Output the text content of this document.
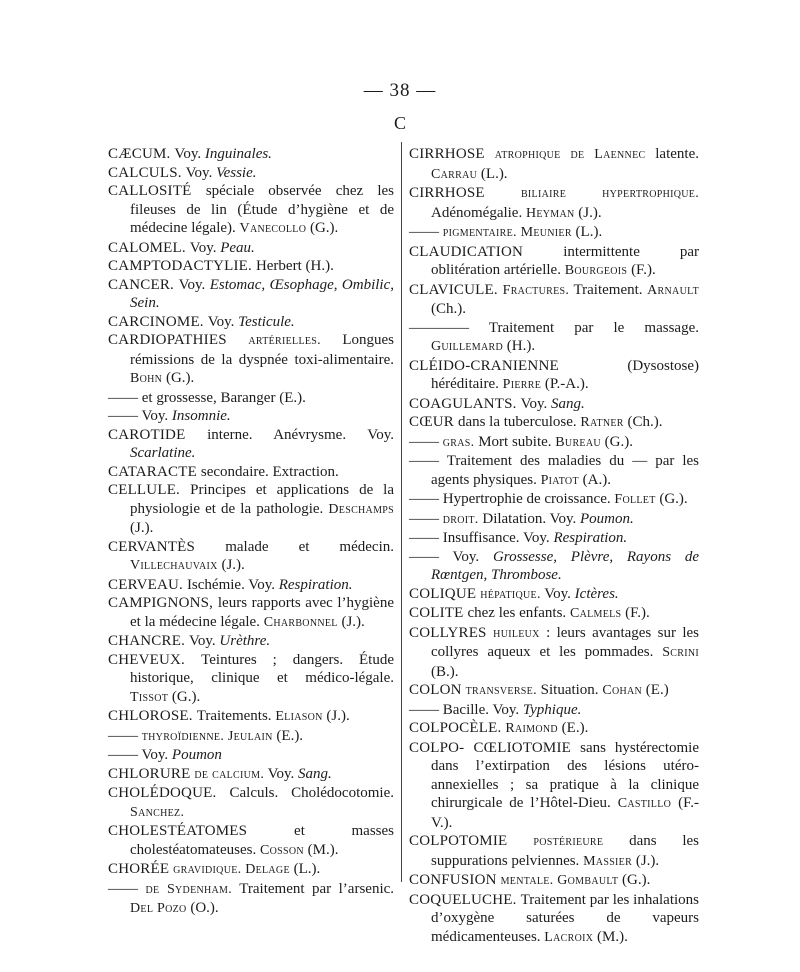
— 38 —
C
CÆCUM. Voy. Inguinales.
CALCULS. Voy. Vessie.
CALLOSITÉ spéciale observée chez les fileuses de lin (Étude d’hygiène et de médecine légale). Vanecollo (G.).
CALOMEL. Voy. Peau.
CAMPTODACTYLIE. Herbert (H.).
CANCER. Voy. Estomac, Œsophage, Ombilic, Sein.
CARCINOME. Voy. Testicule.
CARDIOPATHIES artérielles. Longues rémissions de la dyspnée toxi-alimentaire. Bohn (G.).
—— et grossesse, Baranger (E.).
—— Voy. Insomnie.
CAROTIDE interne. Anévrysme. Voy. Scarlatine.
CATARACTE secondaire. Extraction.
CELLULE. Principes et applications de la physiologie et de la pathologie. Deschamps (J.).
CERVANTÈS malade et médecin. Villechauvaix (J.).
CERVEAU. Ischémie. Voy. Respiration.
CAMPIGNONS, leurs rapports avec l’hygiène et la médecine légale. Charbonnel (J.).
CHANCRE. Voy. Urèthre.
CHEVEUX. Teintures ; dangers. Étude historique, clinique et médico-légale. Tissot (G.).
CHLOROSE. Traitements. Eliason (J.).
—— thyroïdienne. Jeulain (E.).
—— Voy. Poumon
CHLORURE de calcium. Voy. Sang.
CHOLÉDOQUE. Calculs. Cholédocotomie. Sanchez.
CHOLESTÉATOMES et masses cholestéatomateuses. Cosson (M.).
CHORÉE gravidique. Delage (L.).
—— de Sydenham. Traitement par l’arsenic. Del Pozo (O.).
CIRRHOSE atrophique de Laennec latente. Carrau (L.).
CIRRHOSE biliaire hypertrophique. Adénomégalie. Heyman (J.).
—— pigmentaire. Meunier (L.).
CLAUDICATION intermittente par oblitération artérielle. Bourgeois (F.).
CLAVICULE. Fractures. Traitement. Arnault (Ch.).
———— Traitement par le massage. Guillemard (H.).
CLÉIDO-CRANIENNE (Dysostose) héréditaire. Pierre (P.-A.).
COAGULANTS. Voy. Sang.
CŒUR dans la tuberculose. Ratner (Ch.).
—— gras. Mort subite. Bureau (G.).
—— Traitement des maladies du — par les agents physiques. Piatot (A.).
—— Hypertrophie de croissance. Follet (G.).
—— droit. Dilatation. Voy. Poumon.
—— Insuffisance. Voy. Respiration.
—— Voy. Grossesse, Plèvre, Rayons de Rœntgen, Thrombose.
COLIQUE hépatique. Voy. Ictères.
COLITE chez les enfants. Calmels (F.).
COLLYRES huileux : leurs avantages sur les collyres aqueux et les pommades. Scrini (B.).
COLON transverse. Situation. Cohan (E.)
—— Bacille. Voy. Typhique.
COLPOCÈLE. Raimond (E.).
COLPO- CŒLIOTOMIE sans hystérectomie dans l’extirpation des lésions utéro-annexielles ; sa pratique à la clinique chirurgicale de l’Hôtel-Dieu. Castillo (F.-V.).
COLPOTOMIE postérieure dans les suppurations pelviennes. Massier (J.).
CONFUSION mentale. Gombault (G.).
COQUELUCHE. Traitement par les inhalations d’oxygène saturées de vapeurs médicamenteuses. Lacroix (M.).
